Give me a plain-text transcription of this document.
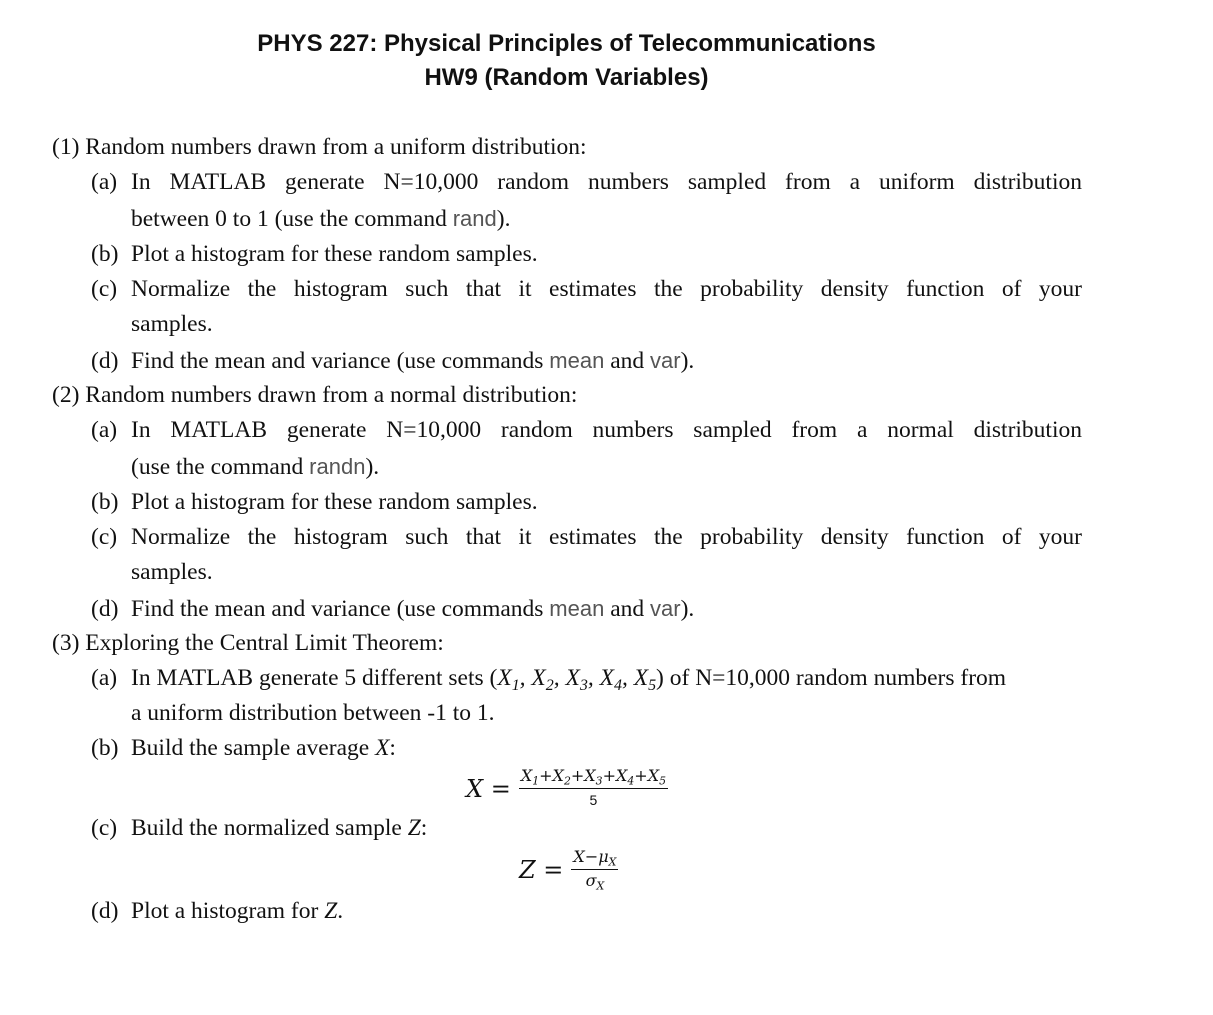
PHYS 227: Physical Principles of Telecommunications
HW9 (Random Variables)
(1) Random numbers drawn from a uniform distribution:
(a) In MATLAB generate N=10,000 random numbers sampled from a uniform distribution
between 0 to 1 (use the command rand).
(b) Plot a histogram for these random samples.
(c) Normalize the histogram such that it estimates the probability density function of your
samples.
(d) Find the mean and variance (use commands mean and var).
(2) Random numbers drawn from a normal distribution:
(a) In MATLAB generate N=10,000 random numbers sampled from a normal distribution
(use the command randn).
(b) Plot a histogram for these random samples.
(c) Normalize the histogram such that it estimates the probability density function of your
samples.
(d) Find the mean and variance (use commands mean and var).
(3) Exploring the Central Limit Theorem:
(a) In MATLAB generate 5 different sets ($X_1$, $X_2$, $X_3$, $X_4$, $X_5$) of N=10,000 random numbers from
a uniform distribution between -1 to 1.
(b) Build the sample average X:
$X = \frac{X_1+X_2+X_3+X_4+X_5}{5}$
(c) Build the normalized sample Z:
$Z = \frac{X-\mu_X}{\sigma_X}$
(d) Plot a histogram for Z.
